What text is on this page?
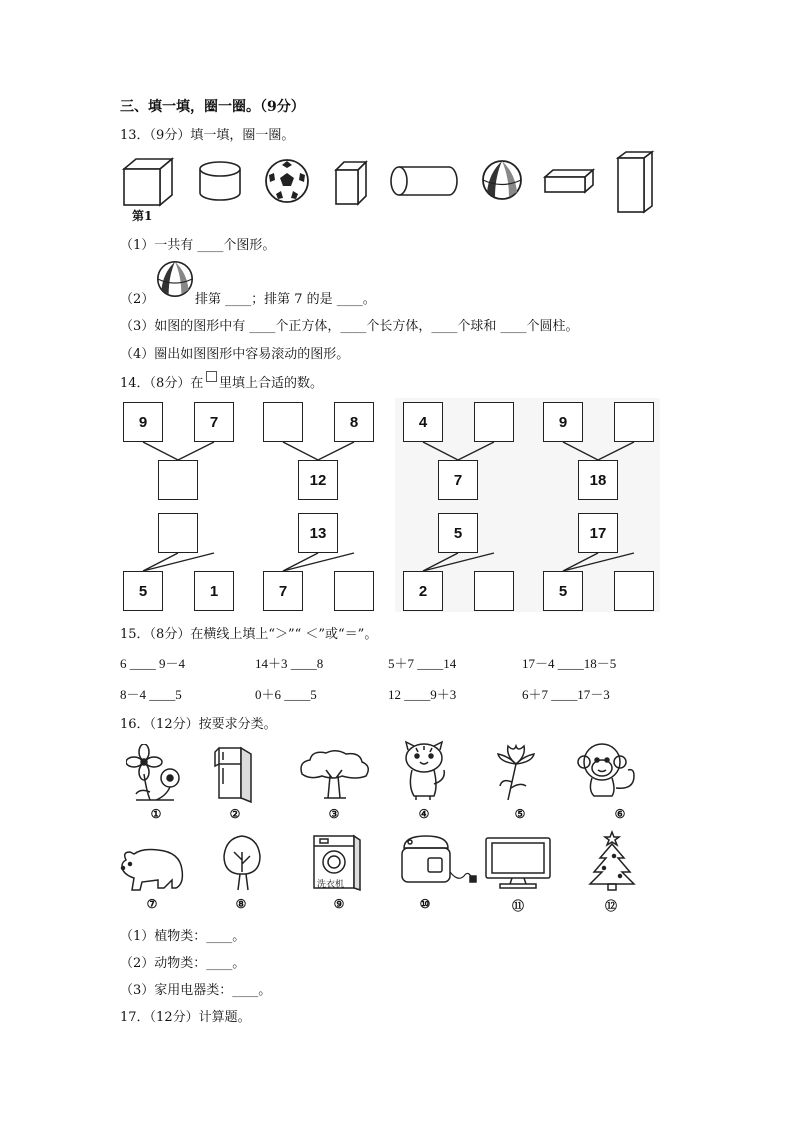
三、填一填，圈一圈。（9分）
13．（9分）填一填，圈一圈。
第1
（1）一共有 ____个图形。
（2）	排第 ____；排第 7 的是 ____。
（3）如图的图形中有 ____个正方体，____个长方体，____个球和 ____个圆柱。
（4）圈出如图图形中容易滚动的图形。
14．（8分）在 里填上合适的数。
9	7
5	1
8
12
13
7
4
7
5
2
9
18
17
5
15．（8分）在横线上填上“＞”“ ＜”或“＝”。
6 ____ 9－4	14＋3 ____8	5＋7 ____14	17－4 ____18－5
8－4 ____5	0＋6 ____5	12 ____9＋3	6＋7 ____17－3
16．（12分）按要求分类。
①	②	③	④	⑤	⑥
⑦	⑧
洗衣机
⑨	⑩	⑪	⑫
（1）植物类：____。
（2）动物类：____。
（3）家用电器类：____。
17．（12分）计算题。
